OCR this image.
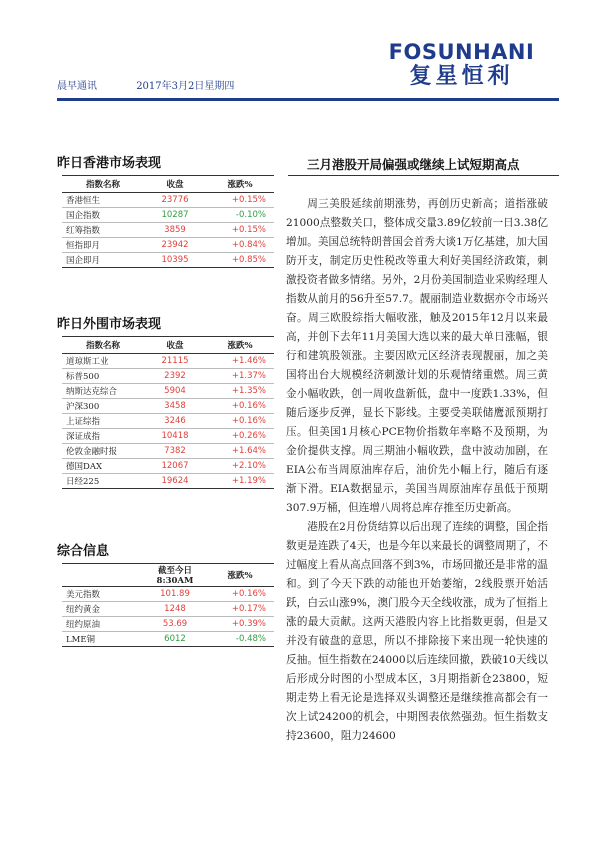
FOSUNHANI
复星恒利
晨早通讯	2017年3月2日星期四
昨日香港市场表现
指数名称	收盘	涨跌%
香港恒生	23776	+0.15%
国企指数	10287	-0.10%
红筹指数	3859	+0.15%
恒指即月	23942	+0.84%
国企即月	10395	+0.85%
昨日外围市场表现
指数名称	收盘	涨跌%
道琼斯工业	21115	+1.46%
标普500	2392	+1.37%
纳斯达克综合	5904	+1.35%
沪深300	3458	+0.16%
上证综指	3246	+0.16%
深证成指	10418	+0.26%
伦敦金融时报	7382	+1.64%
德国DAX	12067	+2.10%
日经225	19624	+1.19%
综合信息
	截至今日8:30AM	涨跌%
美元指数	101.89	+0.16%
纽约黄金	1248	+0.17%
纽约原油	53.69	+0.39%
LME铜	6012	-0.48%
三月港股开局偏强或继续上试短期高点

周三美股延续前期涨势，再创历史新高；道指涨破21000点整数关口，整体成交量3.89亿较前一日3.38亿增加。美国总统特朗普国会首秀大谈1万亿基建，加大国防开支，制定历史性税改等重大利好美国经济政策，刺激投资者做多情绪。另外，2月份美国制造业采购经理人指数从前月的56升至57.7。靓丽制造业数据亦令市场兴奋。周三欧股综指大幅收涨，触及2015年12月以来最高，并创下去年11月美国大选以来的最大单日涨幅，银行和建筑股领涨。主要因欧元区经济表现靓丽，加之美国将出台大规模经济刺激计划的乐观情绪重燃。周三黄金小幅收跌，创一周收盘新低，盘中一度跌1.33%，但随后逐步反弹，显长下影线。主要受美联储鹰派预期打压。但美国1月核心PCE物价指数年率略不及预期，为金价提供支撑。周三期油小幅收跌，盘中波动加剧，在EIA公布当周原油库存后，油价先小幅上行，随后有逐渐下滑。EIA数据显示，美国当周原油库存虽低于预期307.9万桶，但连增八周将总库存推至历史新高。

港股在2月份货结算以后出现了连续的调整，国企指数更是连跌了4天，也是今年以来最长的调整周期了，不过幅度上看从高点回落不到3%，市场回撤还是非常的温和。到了今天下跌的动能也开始萎缩，2线股票开始活跃，白云山涨9%，澳门股今天全线收涨，成为了恒指上涨的最大贡献。这两天港股内容上比指数更弱，但是又并没有破盘的意思，所以不排除接下来出现一轮快速的反抽。恒生指数在24000以后连续回撤，跌破10天线以后形成分时图的小型成本区，3月期指新仓23800，短期走势上看无论是选择双头调整还是继续推高都会有一次上试24200的机会，中期图表依然强劲。恒生指数支持23600，阻力24600
